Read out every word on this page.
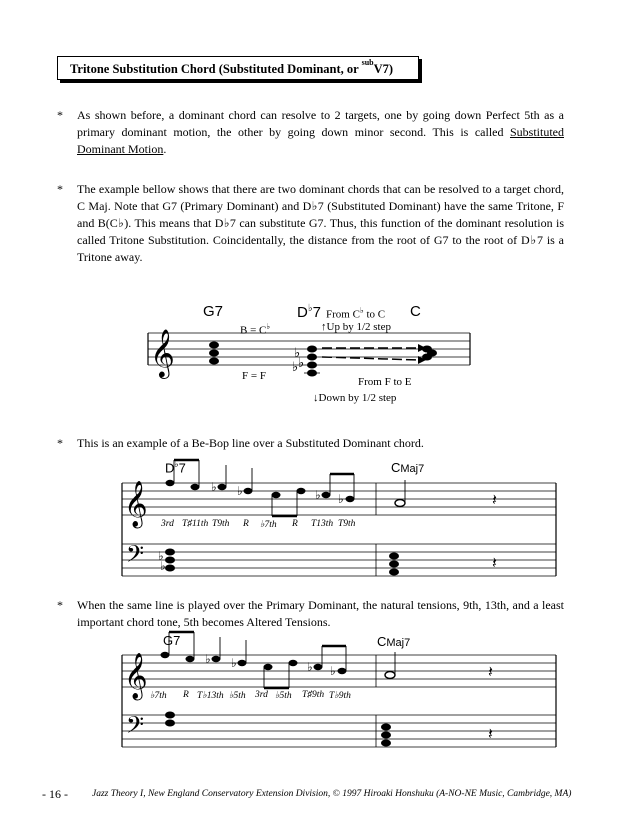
Tritone Substitution Chord (Substituted Dominant, or $^{sub}$V7)
* As shown before, a dominant chord can resolve to 2 targets, one by going down Perfect 5th as a primary dominant motion, the other by going down minor second. This is called Substituted Dominant Motion.
* The example bellow shows that there are two dominant chords that can be resolved to a target chord, C Maj. Note that G7 (Primary Dominant) and D♭7 (Substituted Dominant) have the same Tritone, F and B(C♭). This means that D♭7 can substitute G7. Thus, this function of the dominant resolution is called Tritone Substitution. Coincidentally, the distance from the root of G7 to the root of D♭7 is a Tritone away.
𝄞	♭
♭
♭
𝄞
𝄢
♭ ♭	♭ ♭
♭
♭
𝄽
𝄽
𝄞
𝄢
♭ ♭	♭ ♭	𝄽
𝄽
G7	D♭7 From C♭ to C C
B = C♭	↑Up by 1/2 step
F = F	From F to E
↓Down by 1/2 step
* This is an example of a Be-Bop line over a Substituted Dominant chord.
D♭7	CMaj7
3rd T♯11th T9th R ♭7th R T13th T9th
* When the same line is played over the Primary Dominant, the natural tensions, 9th, 13th, and a least important chord tone, 5th becomes Altered Tensions.
G7	CMaj7
♭7th R T♭13th ♭5th 3rd ♭5th T♯9th T♭9th
- 16 -	Jazz Theory I, New England Conservatory Extension Division, © 1997 Hiroaki Honshuku (A-NO-NE Music, Cambridge, MA)
